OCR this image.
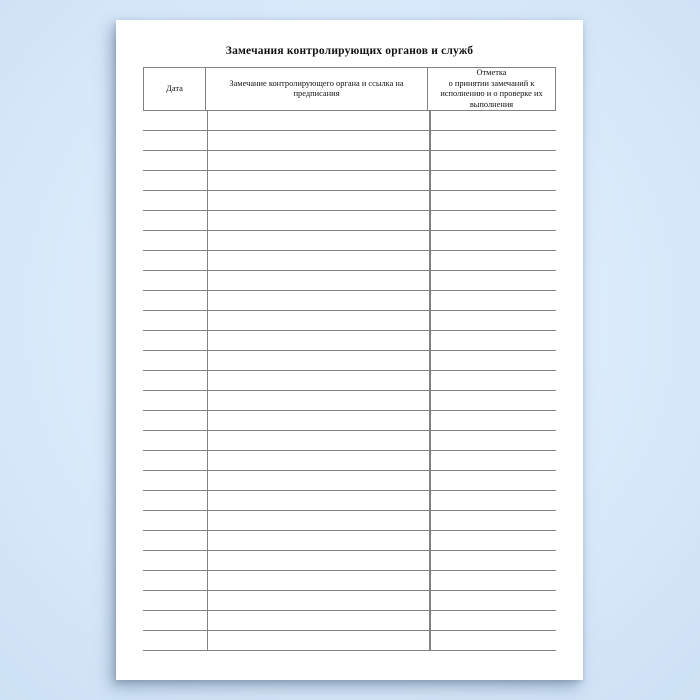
Замечания контролирующих органов и служб
Дата
Замечание контролирующего органа и ссылка на предписания
Отметка
о принятии замечаний к исполнению и о проверке их выполнения
